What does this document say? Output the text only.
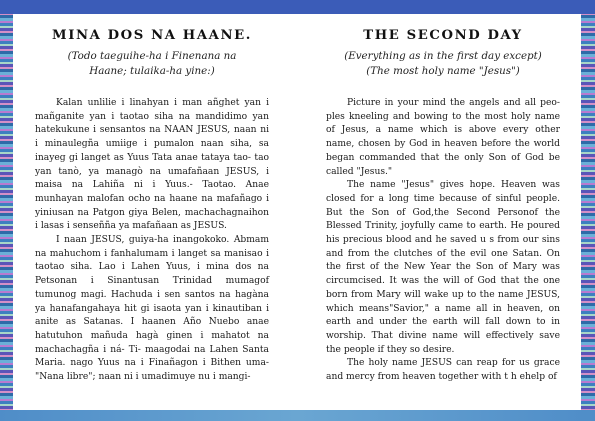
MINA DOS NA HAANE.
(Todo taeguihe-ha i Finenana na
Haane; tulaika-ha yine:)

Kalan unlilie i linahyan i man añghet yan i mañganite yan i taotao siha na mandidimo yan hatekukune i sensantos na NAAN JESUS, naan ni i minaulegña umiige i pumalon naan siha, sa inayeg gi langet as Yuus Tata anae tataya tao- tao yan tanò, ya managò na umafañaan JESUS, i maisa na Lahiña ni i Yuus.- Taotao. Anae munhayan malofan ocho na haane na mafañago i yiniusan na Patgon giya Belen, machachagnaihon i lasas i senseñña ya mafañaan as JESUS.

I naan JESUS, guiya-ha inangokoko. Abmam na mahuchom i fanhalumam i langet sa manisao i taotao siha. Lao i Lahen Yuus, i mina dos na Petsonan i Sinantusan Trinidad mumagof tumunog magi. Hachuda i sen santos na hagàna ya hanafangahaya hit gi isaota yan i kinautiban i anite as Satanas. I haanen Año Nuebo anae hatutuhon mañuda hagà ginen i mahatot na machachagña i ná- Ti- maagodai na Lahen Santa Maria. nago Yuus na i Finañagon i Bithen uma- "Nana libre"; naan ni i umadimuye nu i mangi-

THE SECOND DAY
(Everything as in the first day except)
(The most holy name "Jesus")

Picture in your mind the angels and all peo- ples kneeling and bowing to the most holy name of Jesus, a name which is above every other name, chosen by God in heaven before the world began commanded that the only Son of God be called "Jesus."

The name "Jesus" gives hope. Heaven was closed for a long time because of sinful people. But the Son of God,the Second Personof the Blessed Trinity, joyfully came to earth. He poured his precious blood and he saved u s from our sins and from the clutches of the evil one Satan. On the first of the New Year the Son of Mary was circumcised. It was the will of God that the one born from Mary will wake up to the name JESUS, which means"Savior," a name all in heaven, on earth and under the earth will fall down to in worship. That divine name will effectively save the people if they so desire.

The holy name JESUS can reap for us grace and mercy from heaven together with t h ehelp of
